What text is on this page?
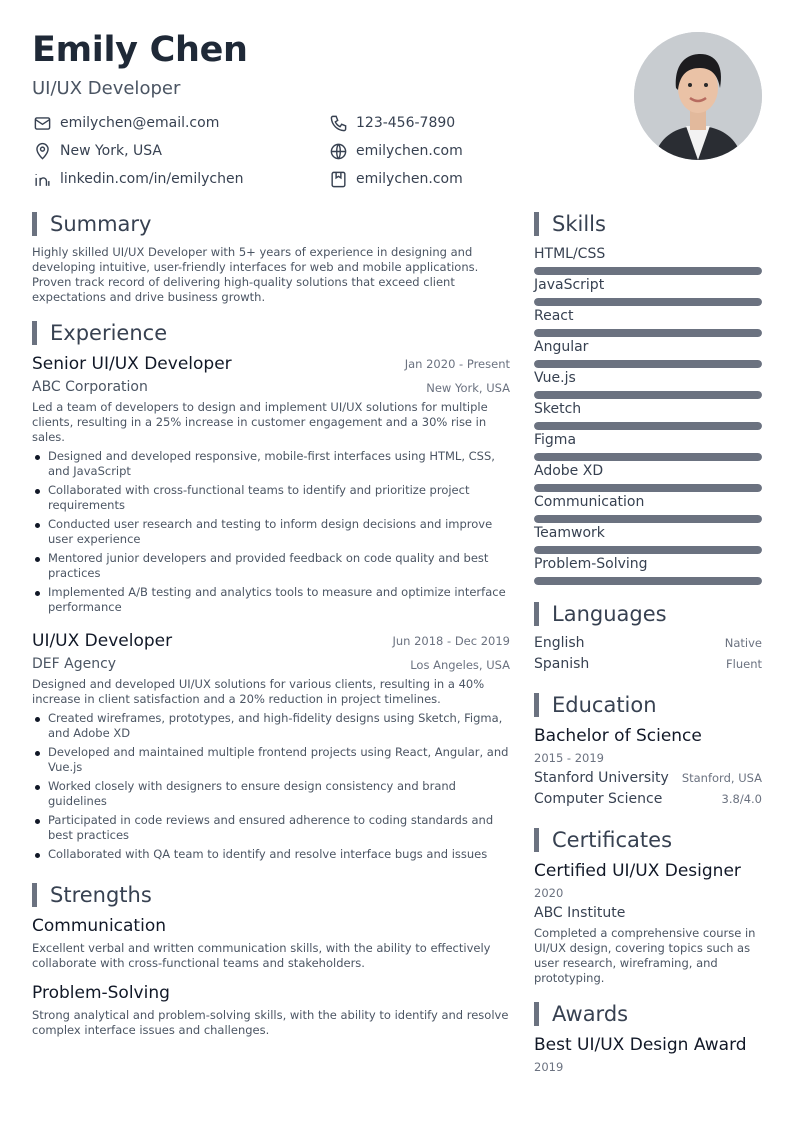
Emily Chen
UI/UX Developer
emilychen@email.com	123-456-7890
New York, USA	emilychen.com
linkedin.com/in/emilychen	emilychen.com
Summary
Highly skilled UI/UX Developer with 5+ years of experience in designing and developing intuitive, user-friendly interfaces for web and mobile applications. Proven track record of delivering high-quality solutions that exceed client expectations and drive business growth.
Experience
Senior UI/UX Developer	Jan 2020 - Present
ABC Corporation	New York, USA
Led a team of developers to design and implement UI/UX solutions for multiple clients, resulting in a 25% increase in customer engagement and a 30% rise in sales.
Designed and developed responsive, mobile-first interfaces using HTML, CSS, and JavaScript
Collaborated with cross-functional teams to identify and prioritize project requirements
Conducted user research and testing to inform design decisions and improve user experience
Mentored junior developers and provided feedback on code quality and best practices
Implemented A/B testing and analytics tools to measure and optimize interface performance
UI/UX Developer	Jun 2018 - Dec 2019
DEF Agency	Los Angeles, USA
Designed and developed UI/UX solutions for various clients, resulting in a 40% increase in client satisfaction and a 20% reduction in project timelines.
Created wireframes, prototypes, and high-fidelity designs using Sketch, Figma, and Adobe XD
Developed and maintained multiple frontend projects using React, Angular, and Vue.js
Worked closely with designers to ensure design consistency and brand guidelines
Participated in code reviews and ensured adherence to coding standards and best practices
Collaborated with QA team to identify and resolve interface bugs and issues
Strengths
Communication
Excellent verbal and written communication skills, with the ability to effectively collaborate with cross-functional teams and stakeholders.
Problem-Solving
Strong analytical and problem-solving skills, with the ability to identify and resolve complex interface issues and challenges.
Skills
HTML/CSS
JavaScript
React
Angular
Vue.js
Sketch
Figma
Adobe XD
Communication
Teamwork
Problem-Solving
Languages
English	Native
Spanish	Fluent
Education
Bachelor of Science
2015 - 2019
Stanford University Stanford, USA
Computer Science	3.8/4.0
Certificates
Certified UI/UX Designer
2020
ABC Institute
Completed a comprehensive course in UI/UX design, covering topics such as user research, wireframing, and prototyping.
Awards
Best UI/UX Design Award
2019
